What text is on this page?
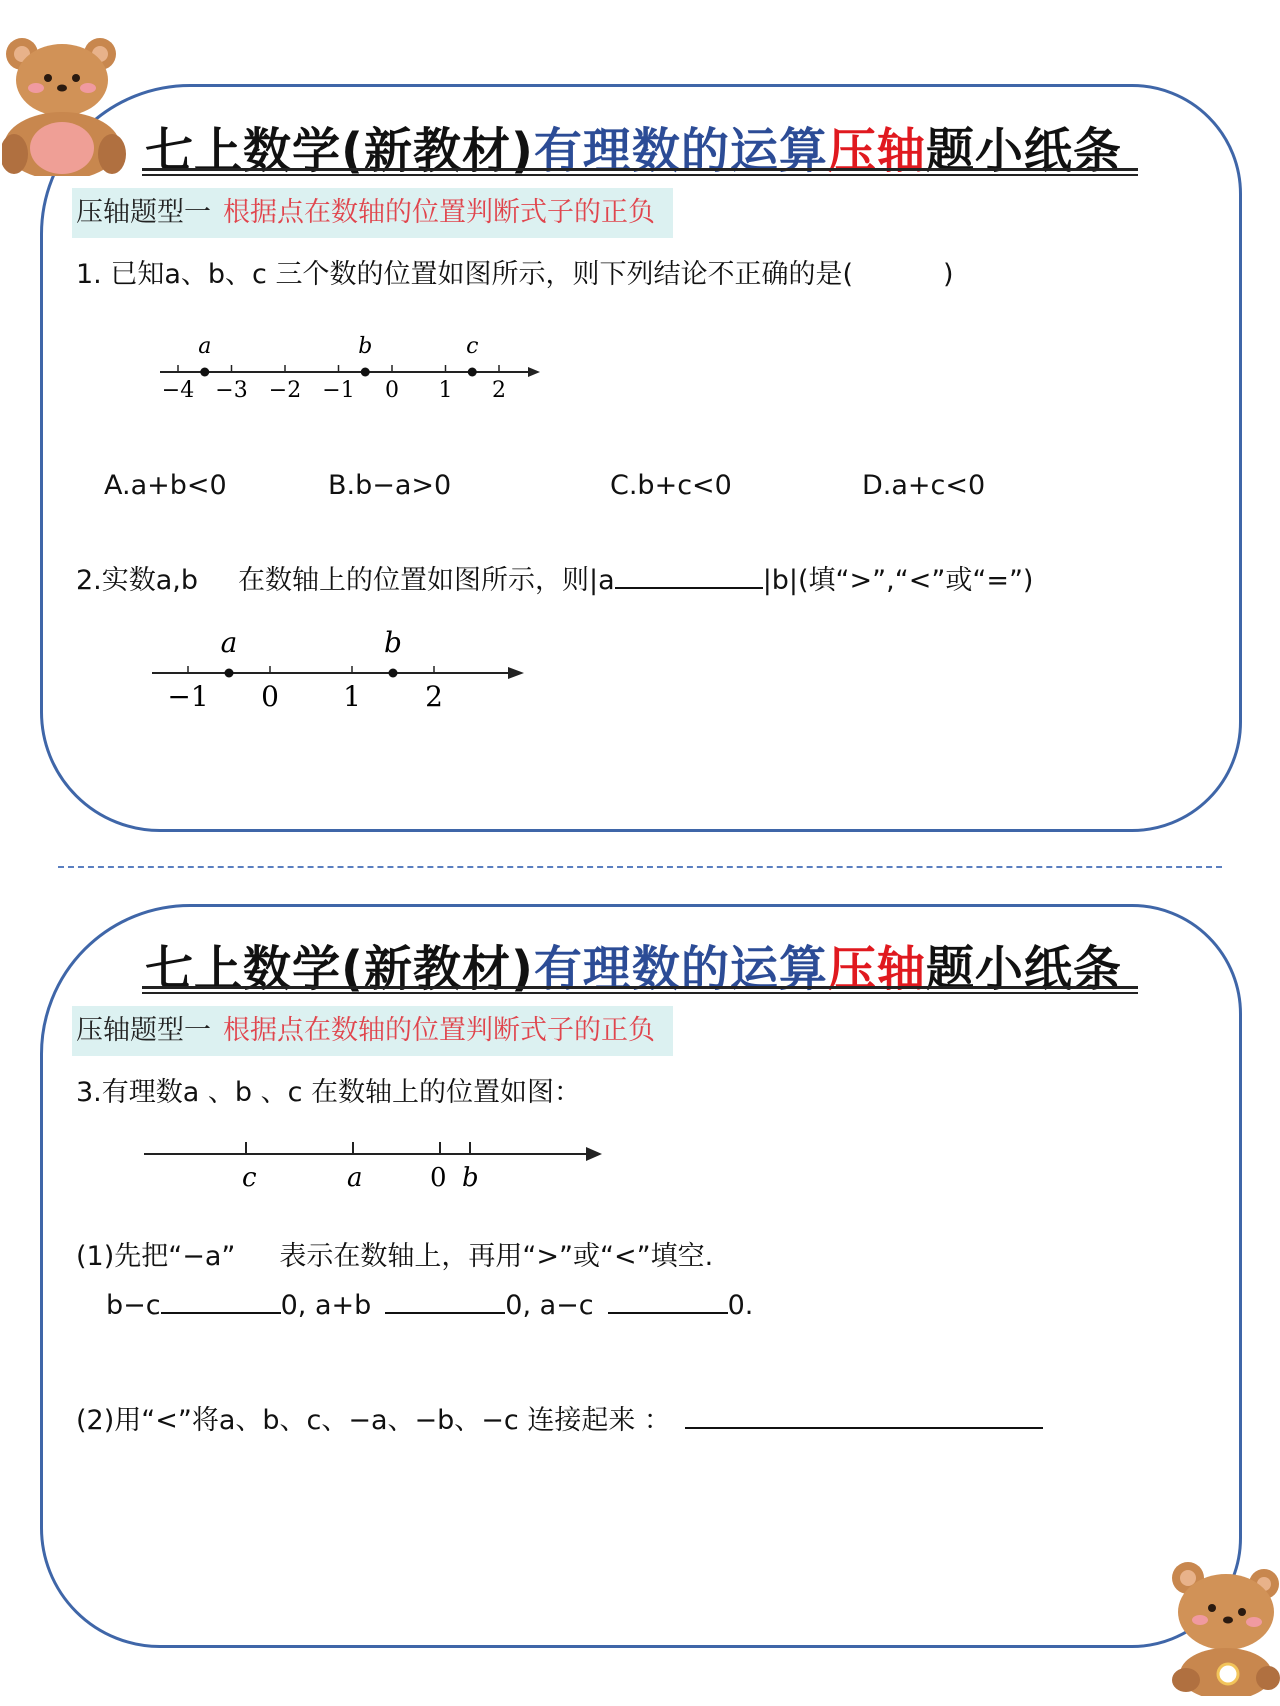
七上数学(新教材)有理数的运算压轴题小纸条
压轴题型一 根据点在数轴的位置判断式子的正负
1. 已知a、b、c 三个数的位置如图所示，则下列结论不正确的是(	)
−4 −3 −2 −1 0 1 2
a	b	c
A.a+b<0	B.b−a>0	C.b+c<0	D.a+c<0
2.实数a,b 在数轴上的位置如图所示，则|a	|b|(填“>”,“<”或“=”)
−1 0 1 2
a	b
七上数学(新教材)有理数的运算压轴题小纸条
压轴题型一 根据点在数轴的位置判断式子的正负
3.有理数a 、b 、c 在数轴上的位置如图：
c	a	0 b
(1)先把“−a” 表示在数轴上，再用“>”或“<”填空.
b−c	0, a+b	0, a−c	0.
(2)用“<”将a、b、c、−a、−b、−c 连接起来 ：
